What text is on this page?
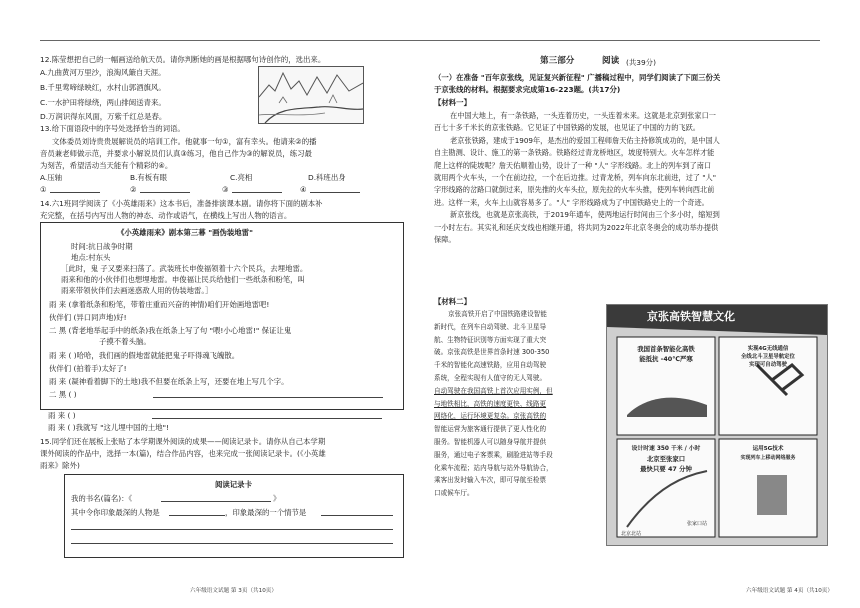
12.陈莹想把自己的一幅画送给航天员。请你判断她的画是根据哪句诗创作的，选出来。
A.九曲黄河万里沙，浪淘风簸自天涯。
B.千里莺啼绿映红，水村山郭酒旗风。
C.一水护田将绿绕，两山排闼送青来。
D.万润识得东风面，万紫千红总是春。
13.给下面语段中的序号处选择恰当的词语。
文体委员刘诗贵贵展解说员的培训工作。他就事一句①，富有幸头。他请来②的播
音员兼老师做示范，并要求小解说员们认真③练习，他自己作为③的解说员，练习最
为刻苦，希望活动当天能有个精彩的④。
A.压轴	B.有板有眼	C.亮相	D.科班出身
①	②	③	④
14.六1班同学阅读了《小英雄雨来》这本书后，准备排演课本剧。请你将下面的剧本补
充完整，在括号内写出人物的神态、动作或语气，在横线上写出人物的语言。
《小英雄雨来》剧本第三幕 "画伪装地雷"
时间:抗日战争时期
地点:村东头
［此时，鬼 子又要来扫荡了。武装班长申俊福领着十六个民兵，去埋地雷。
雨来和他的小伙伴们也想埋地雷。申俊福让民兵给他们一些纸条和粉笔，叫
雨来带领伙伴们去画迷惑敌人用的伪装地雷。］
雨 来 (拿着纸条和粉笔，带着庄重而兴奋的神情)咱们开始画地雷吧!
伙伴们 (异口同声地)好!
二 黑 (背老地举起手中的纸条)我在纸条上写了句 "喂!小心地雷!" 保证让鬼
子摸不着头脑。
雨 来 ( )哈哈，我们画的假地雷就能把鬼子吓得魂飞魄散。
伙伴们 (拍着手)太好了!
雨 来 (凝神看着脚下的土地)我不但要在纸条上写，还要在地上写几个字。
二 黑 ( )
雨 来 ( )
雨 来 ( )我就写 "这儿埋中国的土地"!
15.同学们还在展板上张贴了本学期课外阅读的成果——阅读记录卡。请你从自己本学期
课外阅读的作品中，选择一本(篇)，结合作品内容，也来完成一张阅读记录卡。(《小英雄
雨来》除外)
阅读记录卡
我的书名(篇名)：《	》
其中令你印象最深的人物是	，印象最深的一个情节是
六年级语文试题 第 3页（共10页）
第三部分	阅读 (共39分)
（一）在准备 "百年京张线，见证复兴新征程" 广播稿过程中，同学们阅读了下面三份关
于京张线的材料。根据要求完成第16-223题。(共17分)
【材料一】
在中国大地上，有一条铁路，一头连着历史，一头连着未来。这就是北京到张家口一
百七十多千米长的京张铁路。它见证了中国铁路的发展，也见证了中国的力的飞跃。
老京张铁路，建成于1909年，是杰出的爱国工程师詹天佑主持修筑成功的，是中国人
自主勘测、设计、施工的第一条铁路。铁路经过青龙桥地区，坡度特别大。火车怎样才能
爬上这样的陡坡呢？詹天佑顺着山势，设计了一种 "人" 字形线路。北上的列车到了南口
就用两个火车头，一个在前边拉，一个在后边推。过青龙桥，列车向东北前进，过了 "人"
字形线路的岔路口就倒过来，原先推的火车头拉，原先拉的火车头推，使列车转向西北前
进。这样一来，火车上山就容易多了。"人" 字形线路成为了中国铁路史上的一个奇迹。
新京张线，也就是京张高铁，于2019年通车，使两地运行时间由三个多小时，缩短到
一小时左右。其实礼和延庆支线也相继开通，将共同为2022年北京冬奥会的成功举办提供
保障。
【材料二】
京张高铁开启了中国铁路建设智能
新时代，在列车自动驾驶、北斗卫星导
航、生物特征识别等方面实现了重大突
破。京张高铁是世界首条时速 300-350
千米的智能化高速铁路，应用自动驾驶
系统，全程实现有人值守的无人驾驶。
自动驾驶在我国高铁上首次应用实例，但
与地铁相比，高铁的速度更快、线路更
网络化，运行环境更复杂。京张高铁的
智能运营为旅客通行提供了更人性化的
服务。智能机器人可以随身导航并提供
服务，通过电子客票乘，刷脸进站等手段
化乘车流程；站内导航与站外导航协合，
乘客出发时输入车次，即可导航至检票
口或候车厅。
京张高铁智慧文化
我国首条智能化高铁
能抵抗 -40℃严寒
实现4G无线通信
全线北斗卫星导航定位
实现可自动驾驶
设计时速 350 千米 / 小时
北京至张家口
最快只要 47 分钟
运用5G技术
实现列车上移动网络服务
北京北站
张家口站
六年级语文试题 第 4页（共10页）
